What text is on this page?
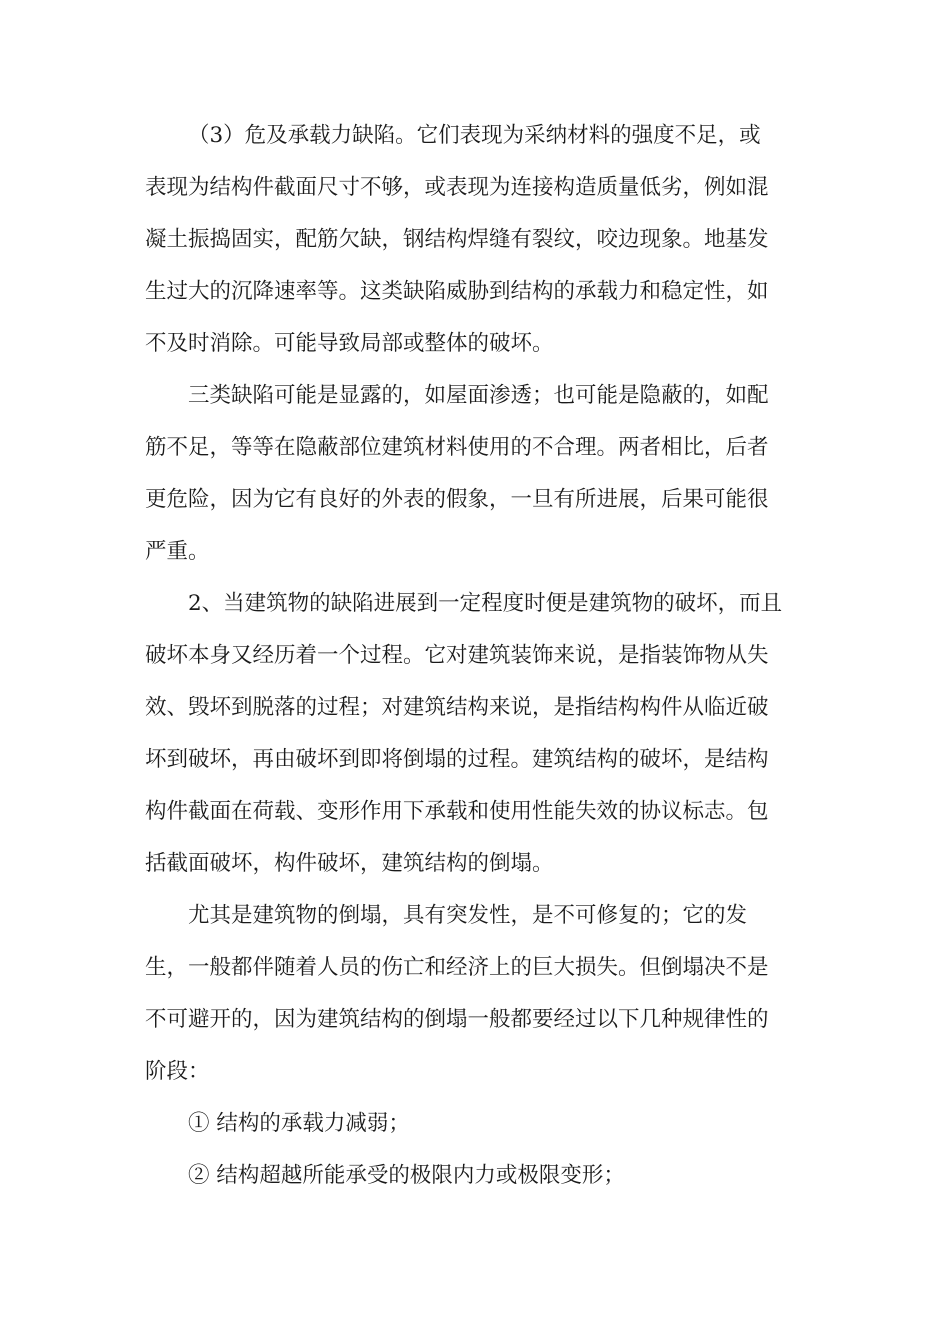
（3）危及承载力缺陷。它们表现为采纳材料的强度不足，或
表现为结构件截面尺寸不够，或表现为连接构造质量低劣，例如混
凝土振捣固实，配筋欠缺，钢结构焊缝有裂纹，咬边现象。地基发
生过大的沉降速率等。这类缺陷威胁到结构的承载力和稳定性，如
不及时消除。可能导致局部或整体的破坏。
三类缺陷可能是显露的，如屋面渗透；也可能是隐蔽的，如配
筋不足，等等在隐蔽部位建筑材料使用的不合理。两者相比，后者
更危险，因为它有良好的外表的假象，一旦有所进展，后果可能很
严重。
2、当建筑物的缺陷进展到一定程度时便是建筑物的破坏，而且
破坏本身又经历着一个过程。它对建筑装饰来说，是指装饰物从失
效、毁坏到脱落的过程；对建筑结构来说，是指结构构件从临近破
坏到破坏，再由破坏到即将倒塌的过程。建筑结构的破坏，是结构
构件截面在荷载、变形作用下承载和使用性能失效的协议标志。包
括截面破坏，构件破坏，建筑结构的倒塌。
尤其是建筑物的倒塌，具有突发性，是不可修复的；它的发
生，一般都伴随着人员的伤亡和经济上的巨大损失。但倒塌决不是
不可避开的，因为建筑结构的倒塌一般都要经过以下几种规律性的
阶段：
① 结构的承载力减弱；
② 结构超越所能承受的极限内力或极限变形；
